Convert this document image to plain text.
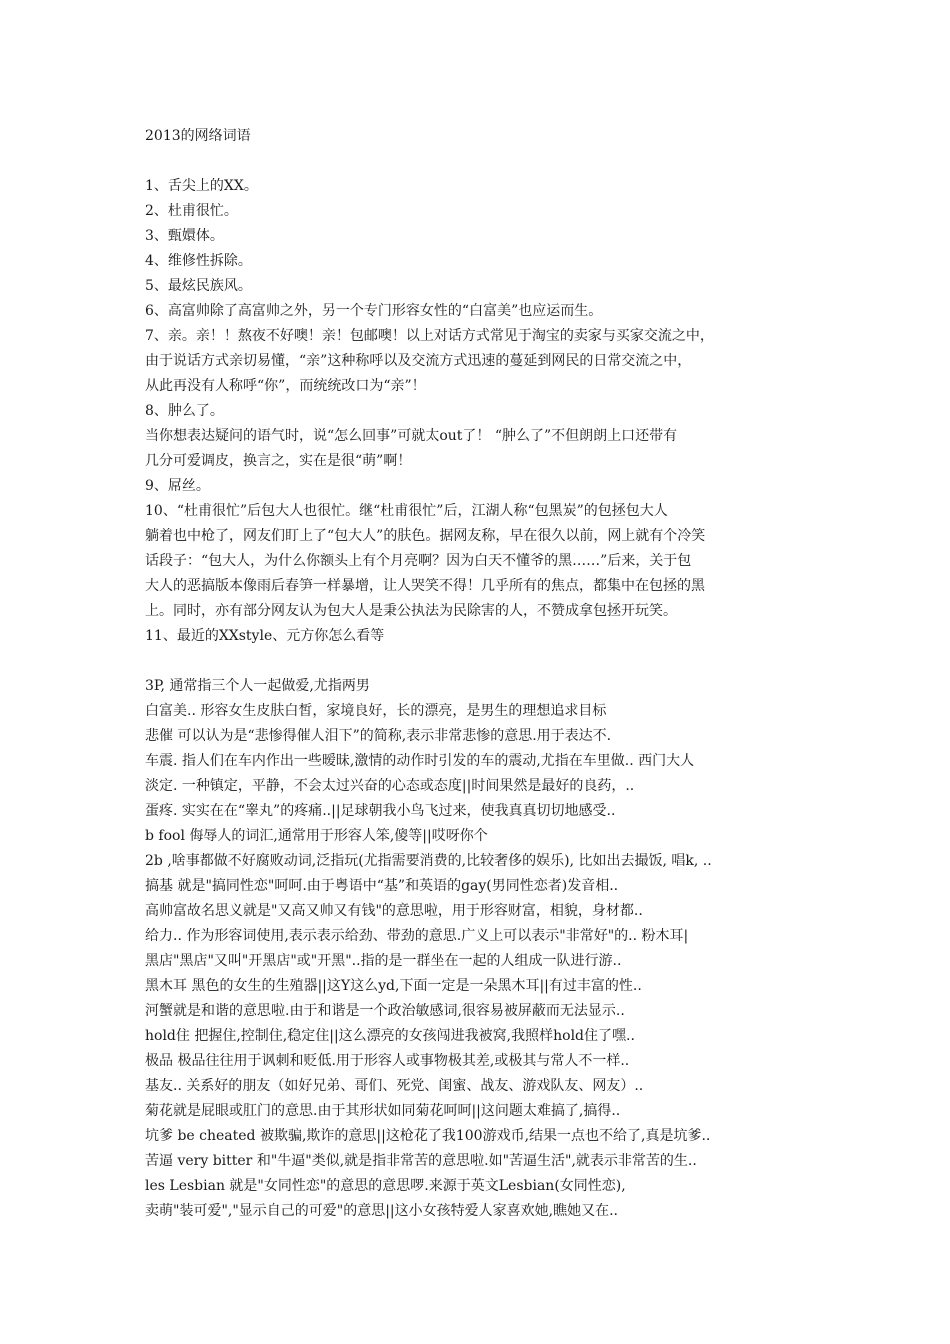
2013的网络词语
1、舌尖上的XX。
2、杜甫很忙。
3、甄嬛体。
4、维修性拆除。
5、最炫民族风。
6、高富帅除了高富帅之外，另一个专门形容女性的“白富美”也应运而生。
7、亲。亲！！熬夜不好噢！亲！包邮噢！以上对话方式常见于淘宝的卖家与买家交流之中，
由于说话方式亲切易懂，“亲”这种称呼以及交流方式迅速的蔓延到网民的日常交流之中，
从此再没有人称呼“你”，而统统改口为“亲”！
8、肿么了。
当你想表达疑问的语气时，说“怎么回事”可就太out了！ “肿么了”不但朗朗上口还带有
几分可爱调皮，换言之，实在是很“萌”啊！
9、屌丝。
10、“杜甫很忙”后包大人也很忙。继“杜甫很忙”后，江湖人称“包黑炭”的包拯包大人
躺着也中枪了，网友们盯上了“包大人”的肤色。据网友称，早在很久以前，网上就有个冷笑
话段子：“包大人，为什么你额头上有个月亮啊？因为白天不懂爷的黑……”后来，关于包
大人的恶搞版本像雨后春笋一样暴增，让人哭笑不得！几乎所有的焦点，都集中在包拯的黑
上。同时，亦有部分网友认为包大人是秉公执法为民除害的人，不赞成拿包拯开玩笑。
11、最近的XXstyle、元方你怎么看等
3P, 通常指三个人一起做爱,尤指两男
白富美.. 形容女生皮肤白皙，家境良好，长的漂亮，是男生的理想追求目标
悲催 可以认为是“悲惨得催人泪下”的简称,表示非常悲惨的意思.用于表达不.
车震. 指人们在车内作出一些暧昧,激情的动作时引发的车的震动,尤指在车里做.. 西门大人
淡定. 一种镇定，平静，不会太过兴奋的心态或态度||时间果然是最好的良药，..
蛋疼. 实实在在“睾丸”的疼痛..||足球朝我小鸟飞过来，使我真真切切地感受..
b fool 侮辱人的词汇,通常用于形容人笨,傻等||哎呀你个
2b ,啥事都做不好腐败动词,泛指玩(尤指需要消费的,比较奢侈的娱乐), 比如出去撮饭, 唱k, ..
搞基 就是"搞同性恋"呵呵.由于粤语中“基”和英语的gay(男同性恋者)发音相..
高帅富故名思义就是"又高又帅又有钱"的意思啦，用于形容财富，相貌，身材都..
给力.. 作为形容词使用,表示表示给劲、带劲的意思.广义上可以表示"非常好"的.. 粉木耳|
黑店"黑店"又叫"开黑店"或"开黑"..指的是一群坐在一起的人组成一队进行游..
黑木耳 黑色的女生的生殖器||这Y这么yd,下面一定是一朵黑木耳||有过丰富的性..
河蟹就是和谐的意思啦.由于和谐是一个政治敏感词,很容易被屏蔽而无法显示..
hold住 把握住,控制住,稳定住||这么漂亮的女孩闯进我被窝,我照样hold住了嘿..
极品 极品往往用于讽刺和贬低.用于形容人或事物极其差,或极其与常人不一样..
基友.. 关系好的朋友（如好兄弟、哥们、死党、闺蜜、战友、游戏队友、网友）..
菊花就是屁眼或肛门的意思.由于其形状如同菊花呵呵||这问题太难搞了,搞得..
坑爹 be cheated 被欺骗,欺诈的意思||这枪花了我100游戏币,结果一点也不给了,真是坑爹..
苦逼 very bitter 和"牛逼"类似,就是指非常苦的意思啦.如"苦逼生活",就表示非常苦的生..
les Lesbian 就是"女同性恋"的意思的意思啰.来源于英文Lesbian(女同性恋),
卖萌"装可爱","显示自己的可爱"的意思||这小女孩特爱人家喜欢她,瞧她又在..
